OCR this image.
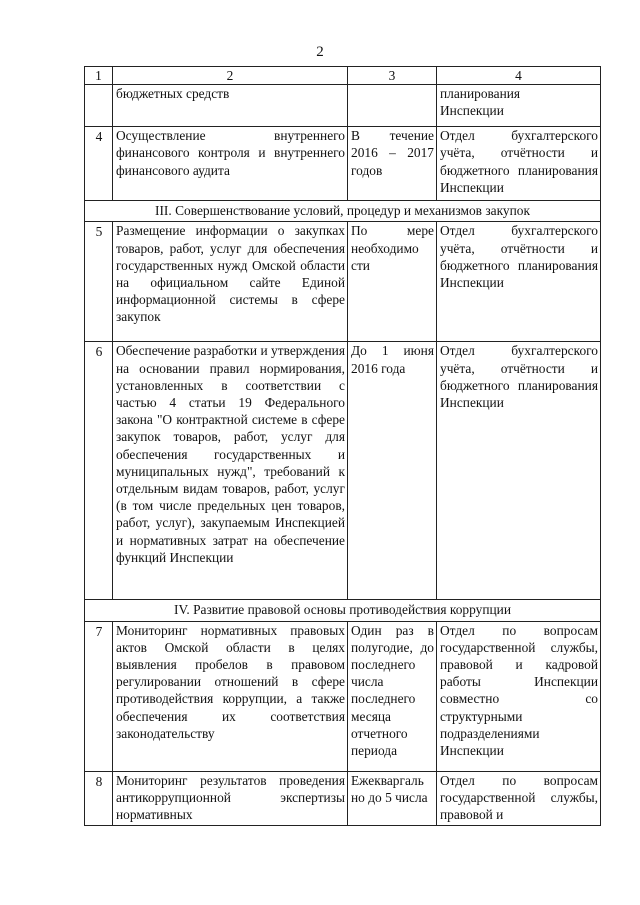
2
1	2	3	4

	бюджетных средств		планирования
Инспекции

4	Осуществление внутреннего финансового контроля и внутреннего финансового аудита	В течение 2016 – 2017 годов	Отдел бухгалтерского учёта, отчётности и бюджетного планирования Инспекции
III. Совершенствование условий, процедур и механизмов закупок			
5	Размещение информации о закупках товаров, работ, услуг для обеспечения государственных нужд Омской области на официальном сайте Единой информационной системы в сфере закупок	По мере необходимо сти	Отдел бухгалтерского учёта, отчётности и бюджетного планирования Инспекции
6	Обеспечение разработки и утверждения на основании правил нормирования, установленных в соответствии с частью 4 статьи 19 Федерального закона "О контрактной системе в сфере закупок товаров, работ, услуг для обеспечения государственных и муниципальных нужд", требований к отдельным видам товаров, работ, услуг (в том числе предельных цен товаров, работ, услуг), закупаемым Инспекцией и нормативных затрат на обеспечение функций Инспекции	До 1 июня 2016 года	Отдел бухгалтерского учёта, отчётности и бюджетного планирования Инспекции
IV. Развитие правовой основы противодействия коррупции			
7	Мониторинг нормативных правовых актов Омской области в целях выявления пробелов в правовом регулировании отношений в сфере противодействия коррупции, а также обеспечения их соответствия законодательству	Один раз в полугодие, до последнего числа последнего месяца отчетного периода	Отдел по вопросам государственной службы, правовой и кадровой работы Инспекции совместно со структурными подразделениями Инспекции
8	Мониторинг результатов проведения антикоррупционной экспертизы нормативных	Ежекваргаль но до 5 числа	Отдел по вопросам государственной службы, правовой и
